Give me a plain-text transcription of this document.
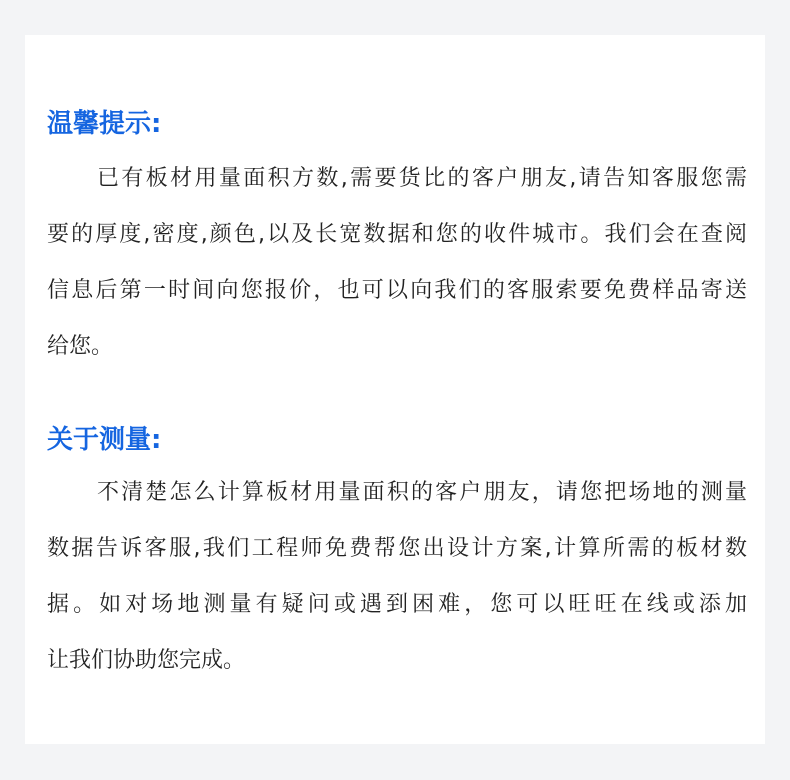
温馨提示:
已有板材用量面积方数,需要货比的客户朋友,请告知客服您需
要的厚度,密度,颜色,以及长宽数据和您的收件城市。我们会在查阅
信息后第一时间向您报价，也可以向我们的客服索要免费样品寄送
给您。
关于测量:
不清楚怎么计算板材用量面积的客户朋友，请您把场地的测量
数据告诉客服,我们工程师免费帮您出设计方案,计算所需的板材数
据。如对场地测量有疑问或遇到困难，您可以旺旺在线或添加
让我们协助您完成。
